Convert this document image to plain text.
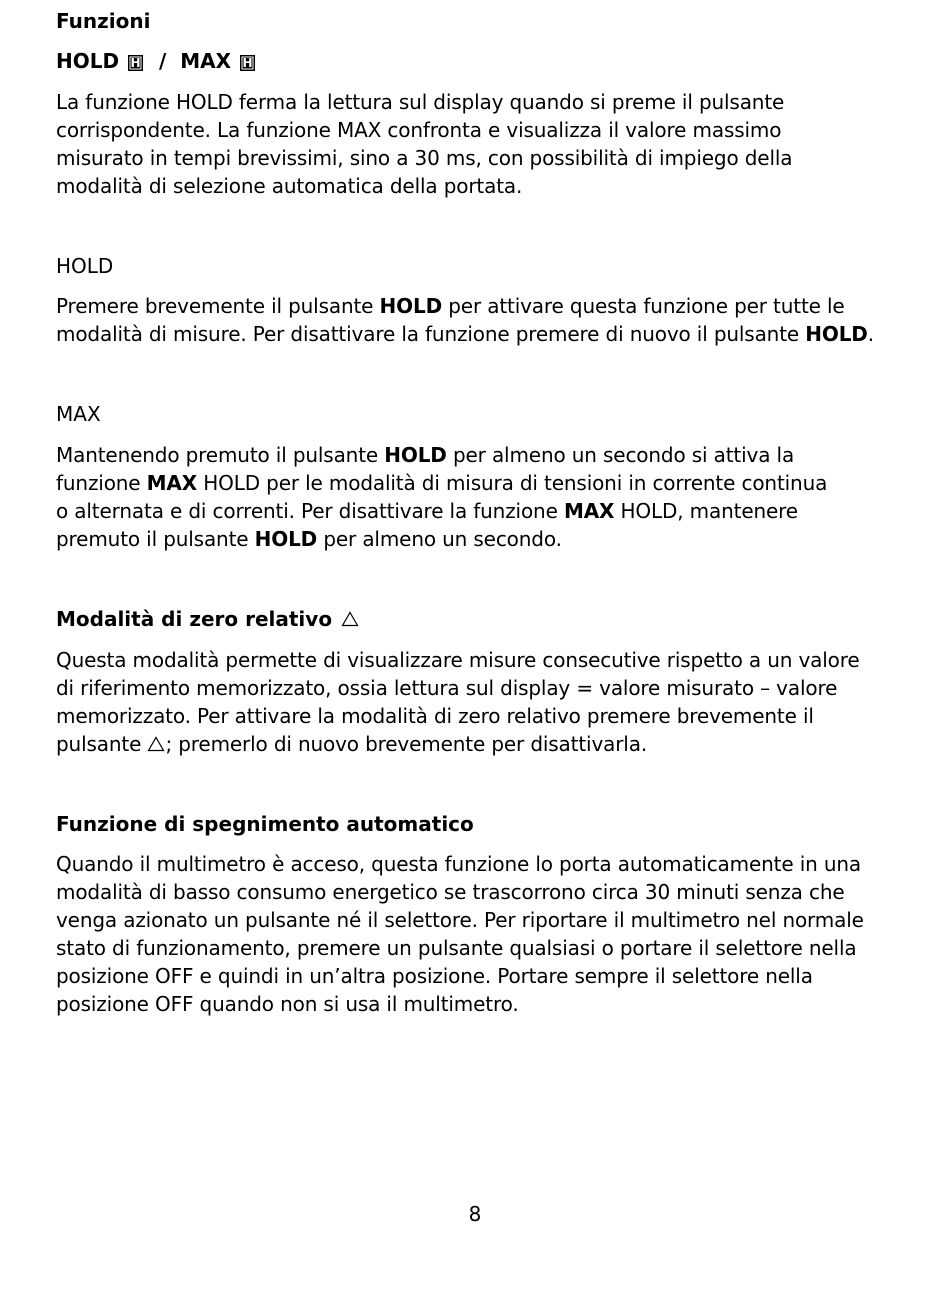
Funzioni
HOLD H  /  MAX H
La funzione HOLD ferma la lettura sul display quando si preme il pulsante
corrispondente. La funzione MAX confronta e visualizza il valore massimo
misurato in tempi brevissimi, sino a 30 ms, con possibilità di impiego della
modalità di selezione automatica della portata.
HOLD
Premere brevemente il pulsante HOLD per attivare questa funzione per tutte le
modalità di misure. Per disattivare la funzione premere di nuovo il pulsante HOLD.
MAX
Mantenendo premuto il pulsante HOLD per almeno un secondo si attiva la
funzione MAX HOLD per le modalità di misura di tensioni in corrente continua
o alternata e di correnti. Per disattivare la funzione MAX HOLD, mantenere
premuto il pulsante HOLD per almeno un secondo.
Modalità di zero relativo
Questa modalità permette di visualizzare misure consecutive rispetto a un valore
di riferimento memorizzato, ossia lettura sul display = valore misurato – valore
memorizzato. Per attivare la modalità di zero relativo premere brevemente il
pulsante ; premerlo di nuovo brevemente per disattivarla.
Funzione di spegnimento automatico
Quando il multimetro è acceso, questa funzione lo porta automaticamente in una
modalità di basso consumo energetico se trascorrono circa 30 minuti senza che
venga azionato un pulsante né il selettore. Per riportare il multimetro nel normale
stato di funzionamento, premere un pulsante qualsiasi o portare il selettore nella
posizione OFF e quindi in un’altra posizione. Portare sempre il selettore nella
posizione OFF quando non si usa il multimetro.
8
